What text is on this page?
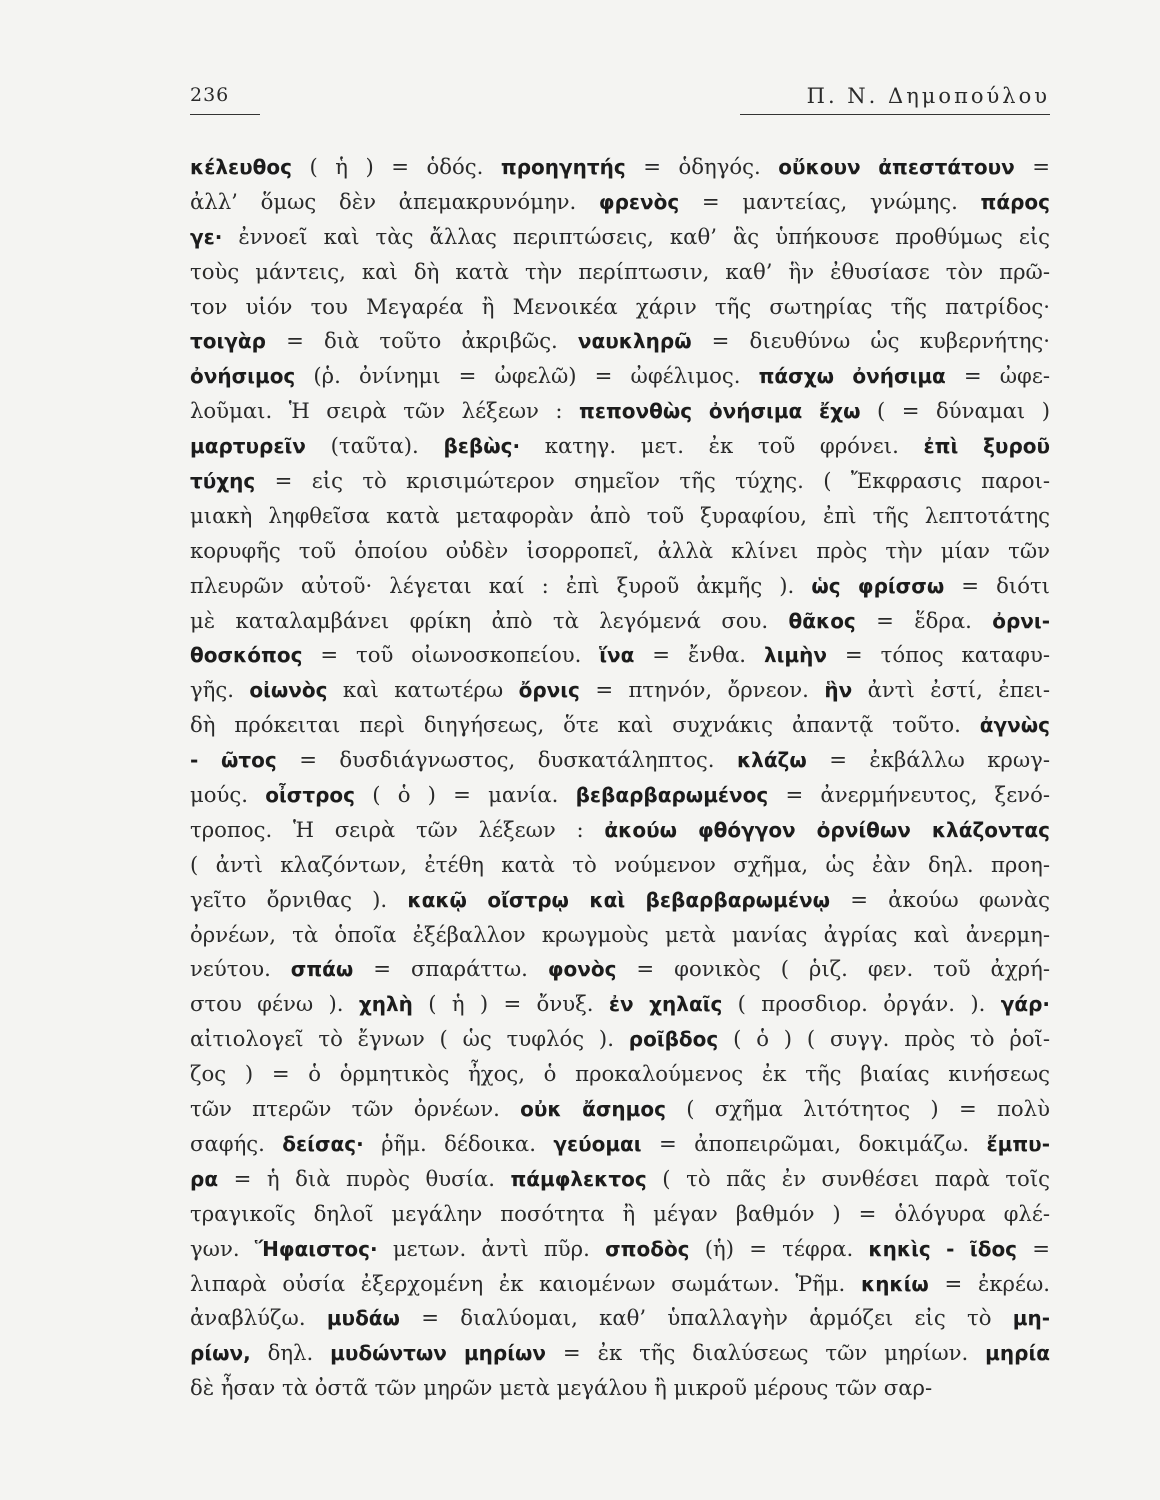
236	Π. Ν. Δημοπούλου
κέλευθος ( ἡ ) = ὁδός. προηγητής = ὁδηγός. οὔκουν ἀπεστάτουν =
ἀλλ’ ὅμως δὲν ἀπεμακρυνόμην. φρενὸς = μαντείας, γνώμης. πάρος
γε· ἐννοεῖ καὶ τὰς ἄλλας περιπτώσεις, καθ’ ἃς ὑπήκουσε προθύμως εἰς
τοὺς μάντεις, καὶ δὴ κατὰ τὴν περίπτωσιν, καθ’ ἣν ἐθυσίασε τὸν πρῶ-
τον υἱόν του Μεγαρέα ἢ Μενοικέα χάριν τῆς σωτηρίας τῆς πατρίδος·
τοιγὰρ = διὰ τοῦτο ἀκριβῶς. ναυκληρῶ = διευθύνω ὡς κυβερνήτης·
ὀνήσιμος (ῥ. ὀνίνημι = ὠφελῶ) = ὠφέλιμος. πάσχω ὀνήσιμα = ὠφε-
λοῦμαι. Ἡ σειρὰ τῶν λέξεων : πεπονθὼς ὀνήσιμα ἔχω ( = δύναμαι )
μαρτυρεῖν (ταῦτα). βεβὼς· κατηγ. μετ. ἐκ τοῦ φρόνει. ἐπὶ ξυροῦ
τύχης = εἰς τὸ κρισιμώτερον σημεῖον τῆς τύχης. ( Ἔκφρασις παροι-
μιακὴ ληφθεῖσα κατὰ μεταφορὰν ἀπὸ τοῦ ξυραφίου, ἐπὶ τῆς λεπτοτάτης
κορυφῆς τοῦ ὁποίου οὐδὲν ἰσορροπεῖ, ἀλλὰ κλίνει πρὸς τὴν μίαν τῶν
πλευρῶν αὐτοῦ· λέγεται καί : ἐπὶ ξυροῦ ἀκμῆς ). ὡς φρίσσω = διότι
μὲ καταλαμβάνει φρίκη ἀπὸ τὰ λεγόμενά σου. θᾶκος = ἕδρα. ὀρνι-
θοσκόπος = τοῦ οἰωνοσκοπείου. ἵνα = ἔνθα. λιμὴν = τόπος καταφυ-
γῆς. οἰωνὸς καὶ κατωτέρω ὄρνις = πτηνόν, ὄρνεον. ἣν ἀντὶ ἐστί, ἐπει-
δὴ πρόκειται περὶ διηγήσεως, ὅτε καὶ συχνάκις ἀπαντᾷ τοῦτο. ἀγνὼς
- ῶτος = δυσδιάγνωστος, δυσκατάληπτος. κλάζω = ἐκβάλλω κρωγ-
μούς. οἶστρος ( ὁ ) = μανία. βεβαρβαρωμένος = ἀνερμήνευτος, ξενό-
τροπος. Ἡ σειρὰ τῶν λέξεων : ἀκούω φθόγγον ὀρνίθων κλάζοντας
( ἀντὶ κλαζόντων, ἐτέθη κατὰ τὸ νούμενον σχῆμα, ὡς ἐὰν δηλ. προη-
γεῖτο ὄρνιθας ). κακῷ οἴστρῳ καὶ βεβαρβαρωμένῳ = ἀκούω φωνὰς
ὀρνέων, τὰ ὁποῖα ἐξέβαλλον κρωγμοὺς μετὰ μανίας ἀγρίας καὶ ἀνερμη-
νεύτου. σπάω = σπαράττω. φονὸς = φονικὸς ( ῥιζ. φεν. τοῦ ἀχρή-
στου φένω ). χηλὴ ( ἡ ) = ὄνυξ. ἐν χηλαῖς ( προσδιορ. ὀργάν. ). γάρ·
αἰτιολογεῖ τὸ ἔγνων ( ὡς τυφλός ). ροῖβδος ( ὁ ) ( συγγ. πρὸς τὸ ῥοῖ-
ζος ) = ὁ ὁρμητικὸς ἦχος, ὁ προκαλούμενος ἐκ τῆς βιαίας κινήσεως
τῶν πτερῶν τῶν ὀρνέων. οὐκ ἄσημος ( σχῆμα λιτότητος ) = πολὺ
σαφής. δείσας· ῥῆμ. δέδοικα. γεύομαι = ἀποπειρῶμαι, δοκιμάζω. ἔμπυ-
ρα = ἡ διὰ πυρὸς θυσία. πάμφλεκτος ( τὸ πᾶς ἐν συνθέσει παρὰ τοῖς
τραγικοῖς δηλοῖ μεγάλην ποσότητα ἢ μέγαν βαθμόν ) = ὁλόγυρα φλέ-
γων. Ἥφαιστος· μετων. ἀντὶ πῦρ. σποδὸς (ἡ) = τέφρα. κηκὶς - ῖδος =
λιπαρὰ οὐσία ἐξερχομένη ἐκ καιομένων σωμάτων. Ῥῆμ. κηκίω = ἐκρέω.
ἀναβλύζω. μυδάω = διαλύομαι, καθ’ ὑπαλλαγὴν ἁρμόζει εἰς τὸ μη-
ρίων, δηλ. μυδώντων μηρίων = ἐκ τῆς διαλύσεως τῶν μηρίων. μηρία
δὲ ἦσαν τὰ ὀστᾶ τῶν μηρῶν μετὰ μεγάλου ἢ μικροῦ μέρους τῶν σαρ-
